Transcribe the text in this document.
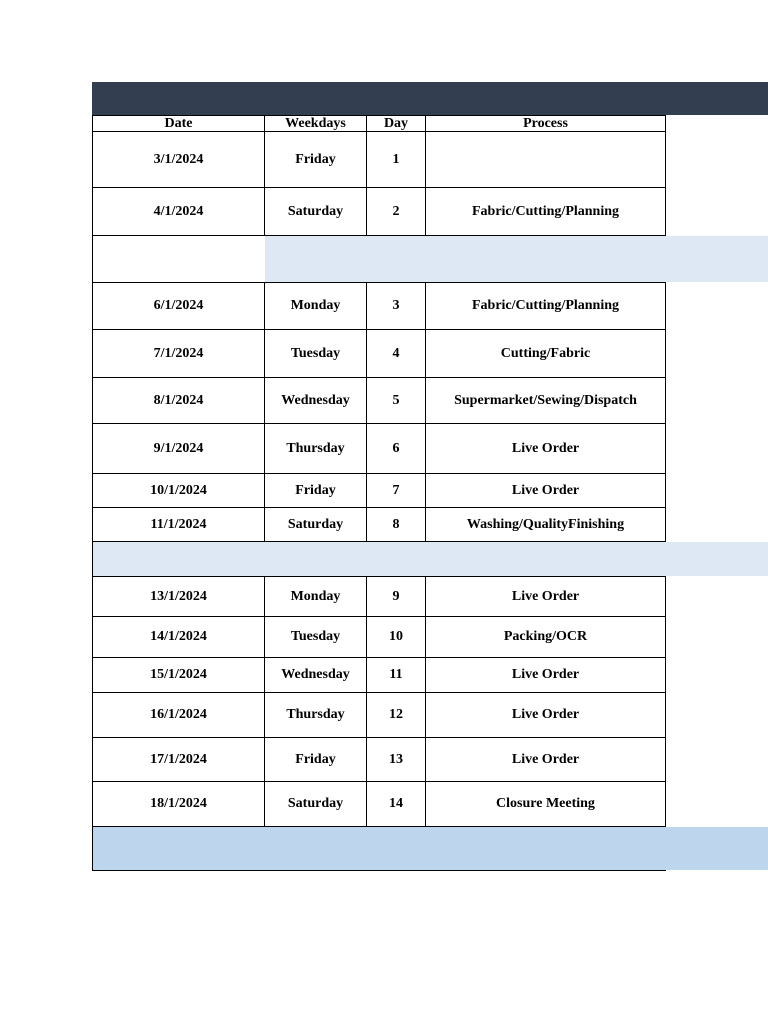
Date	Weekdays	Day	Process
3/1/2024	Friday	1
4/1/2024	Saturday	2	Fabric/Cutting/Planning
6/1/2024	Monday	3	Fabric/Cutting/Planning
7/1/2024	Tuesday	4	Cutting/Fabric
8/1/2024	Wednesday	5	Supermarket/Sewing/Dispatch
9/1/2024	Thursday	6	Live Order
10/1/2024	Friday	7	Live Order
11/1/2024	Saturday	8	Washing/QualityFinishing
13/1/2024	Monday	9	Live Order
14/1/2024	Tuesday	10	Packing/OCR
15/1/2024	Wednesday	11	Live Order
16/1/2024	Thursday	12	Live Order
17/1/2024	Friday	13	Live Order
18/1/2024	Saturday	14	Closure Meeting
